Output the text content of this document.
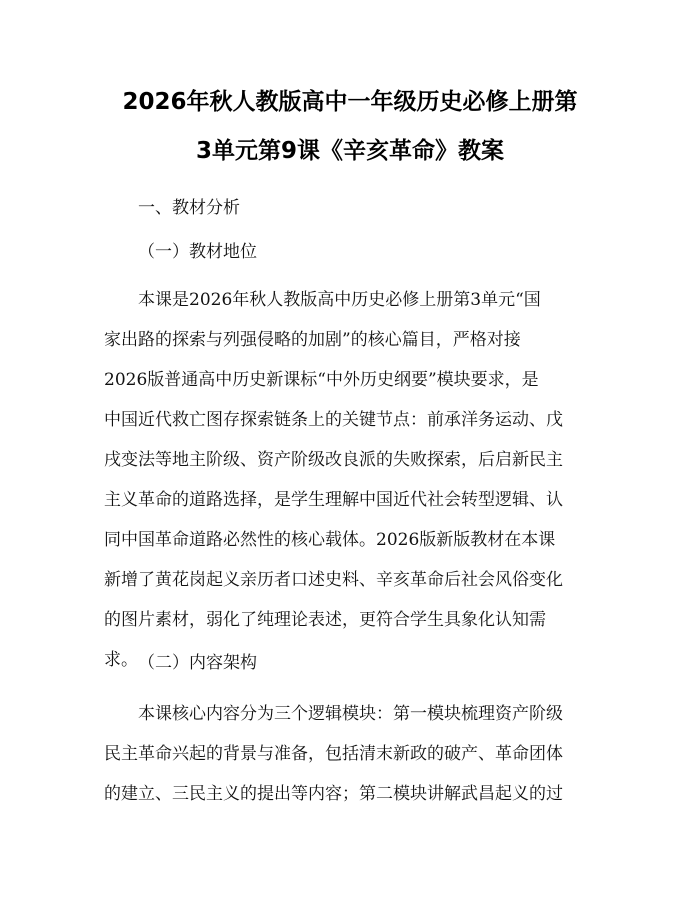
2026年秋人教版高中一年级历史必修上册第
3单元第9课《辛亥革命》教案
一、教材分析
（一）教材地位
本课是2026年秋人教版高中历史必修上册第3单元“国
家出路的探索与列强侵略的加剧”的核心篇目，严格对接
2026版普通高中历史新课标“中外历史纲要”模块要求，是
中国近代救亡图存探索链条上的关键节点：前承洋务运动、戊
戌变法等地主阶级、资产阶级改良派的失败探索，后启新民主
主义革命的道路选择，是学生理解中国近代社会转型逻辑、认
同中国革命道路必然性的核心载体。2026版新版教材在本课
新增了黄花岗起义亲历者口述史料、辛亥革命后社会风俗变化
的图片素材，弱化了纯理论表述，更符合学生具象化认知需
求。 （二）内容架构
本课核心内容分为三个逻辑模块：第一模块梳理资产阶级
民主革命兴起的背景与准备，包括清末新政的破产、革命团体
的建立、三民主义的提出等内容；第二模块讲解武昌起义的过
